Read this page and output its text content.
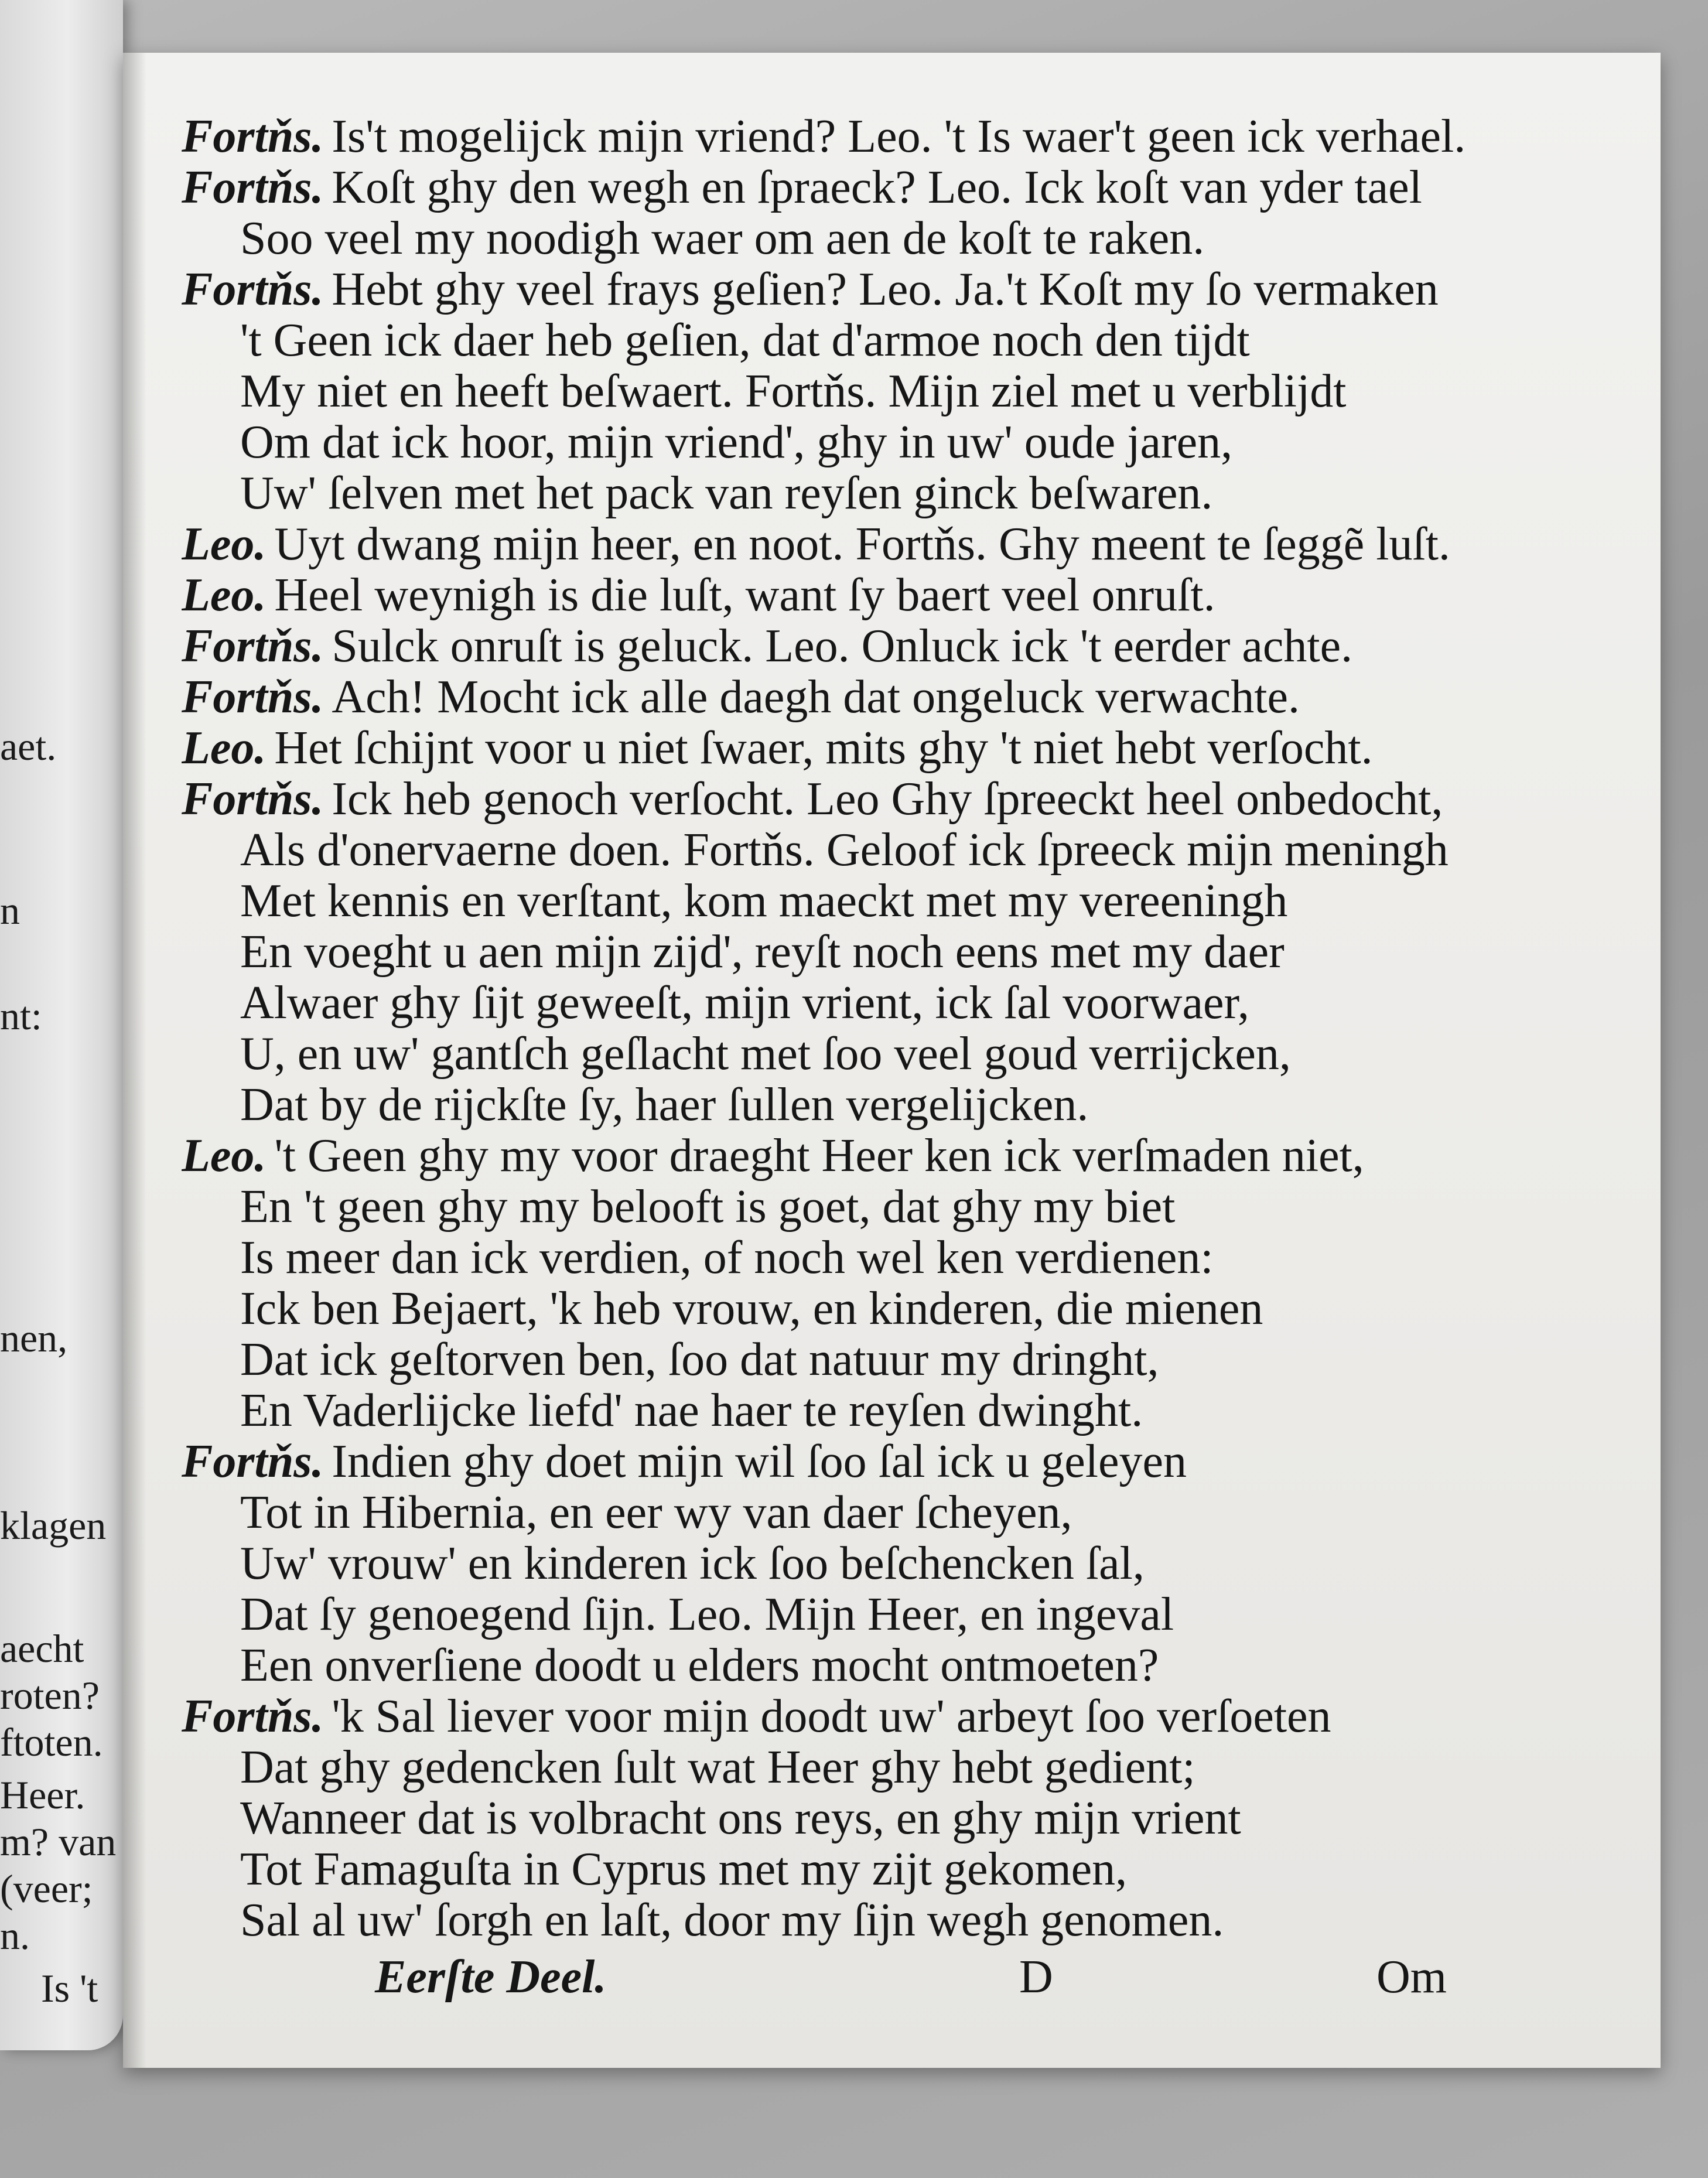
aet.
n
nt:
nen,
klagen
aecht
roten?
ftoten.
Heer.
m? van
(veer;
n.
Is 't
Fortňs. Is't mogelijck mijn vriend? Leo. 't Is waer't geen ick verhael.
Fortňs. Koſt ghy den wegh en ſpraeck? Leo. Ick koſt van yder tael
Soo veel my noodigh waer om aen de koſt te raken.
Fortňs. Hebt ghy veel frays geſien? Leo. Ja.'t Koſt my ſo vermaken
't Geen ick daer heb geſien, dat d'armoe noch den tijdt
My niet en heeft beſwaert. Fortňs. Mijn ziel met u verblijdt
Om dat ick hoor, mijn vriend', ghy in uw' oude jaren,
Uw' ſelven met het pack van reyſen ginck beſwaren.
Leo. Uyt dwang mijn heer, en noot. Fortňs. Ghy meent te ſeggẽ luſt.
Leo. Heel weynigh is die luſt, want ſy baert veel onruſt.
Fortňs. Sulck onruſt is geluck. Leo. Onluck ick 't eerder achte.
Fortňs. Ach! Mocht ick alle daegh dat ongeluck verwachte.
Leo. Het ſchijnt voor u niet ſwaer, mits ghy 't niet hebt verſocht.
Fortňs. Ick heb genoch verſocht. Leo Ghy ſpreeckt heel onbedocht,
Als d'onervaerne doen. Fortňs. Geloof ick ſpreeck mijn meningh
Met kennis en verſtant, kom maeckt met my vereeningh
En voeght u aen mijn zijd', reyſt noch eens met my daer
Alwaer ghy ſijt geweeſt, mijn vrient, ick ſal voorwaer,
U, en uw' gantſch geſlacht met ſoo veel goud verrijcken,
Dat by de rijckſte ſy, haer ſullen vergelijcken.
Leo. 't Geen ghy my voor draeght Heer ken ick verſmaden niet,
En 't geen ghy my belooft is goet, dat ghy my biet
Is meer dan ick verdien, of noch wel ken verdienen:
Ick ben Bejaert, 'k heb vrouw, en kinderen, die mienen
Dat ick geſtorven ben, ſoo dat natuur my dringht,
En Vaderlijcke liefd' nae haer te reyſen dwinght.
Fortňs. Indien ghy doet mijn wil ſoo ſal ick u geleyen
Tot in Hibernia, en eer wy van daer ſcheyen,
Uw' vrouw' en kinderen ick ſoo beſchencken ſal,
Dat ſy genoegend ſijn. Leo. Mijn Heer, en ingeval
Een onverſiene doodt u elders mocht ontmoeten?
Fortňs. 'k Sal liever voor mijn doodt uw' arbeyt ſoo verſoeten
Dat ghy gedencken ſult wat Heer ghy hebt gedient;
Wanneer dat is volbracht ons reys, en ghy mijn vrient
Tot Famaguſta in Cyprus met my zijt gekomen,
Sal al uw' ſorgh en laſt, door my ſijn wegh genomen.
Eerſte Deel.	D	Om
